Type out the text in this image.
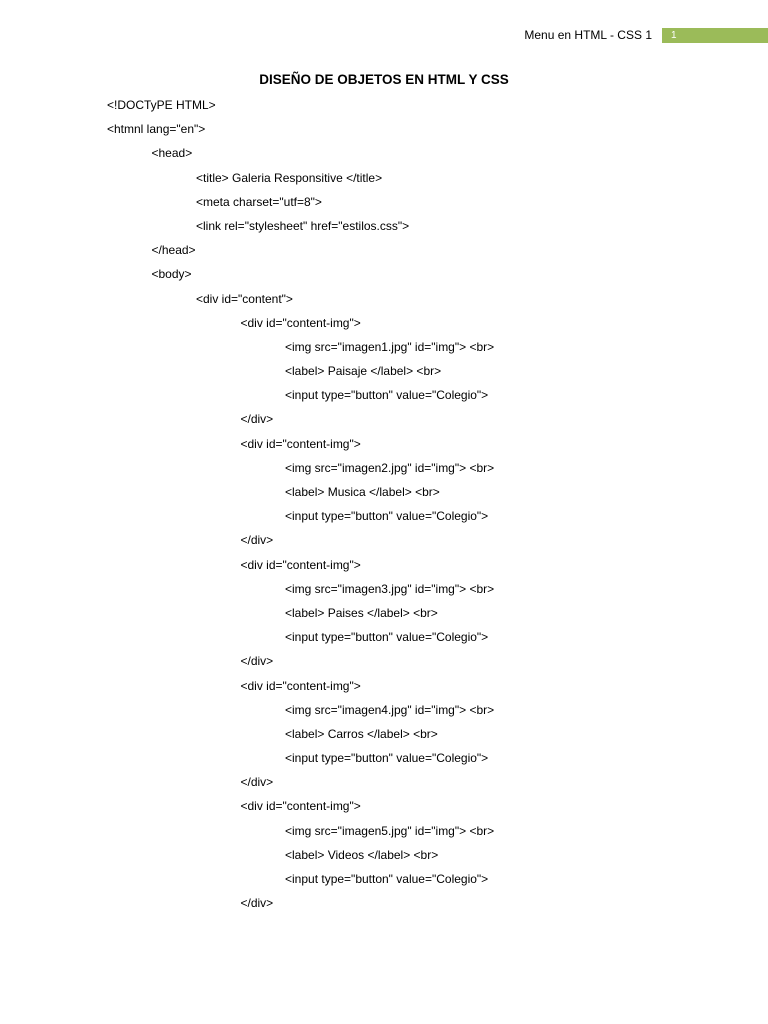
Menu en HTML - CSS 1	1
DISEÑO DE OBJETOS EN HTML Y CSS
<!DOCTyPE HTML>
<htmnl lang="en">
<head>
<title> Galeria Responsitive </title>
<meta charset="utf=8">
<link rel="stylesheet" href="estilos.css">
</head>
<body>
<div id="content">
<div id="content-img">
<img src="imagen1.jpg" id="img"> <br>
<label> Paisaje </label> <br>
<input type="button" value="Colegio">
</div>
<div id="content-img">
<img src="imagen2.jpg" id="img"> <br>
<label> Musica </label> <br>
<input type="button" value="Colegio">
</div>
<div id="content-img">
<img src="imagen3.jpg" id="img"> <br>
<label> Paises </label> <br>
<input type="button" value="Colegio">
</div>
<div id="content-img">
<img src="imagen4.jpg" id="img"> <br>
<label> Carros </label> <br>
<input type="button" value="Colegio">
</div>
<div id="content-img">
<img src="imagen5.jpg" id="img"> <br>
<label> Videos </label> <br>
<input type="button" value="Colegio">
</div>
